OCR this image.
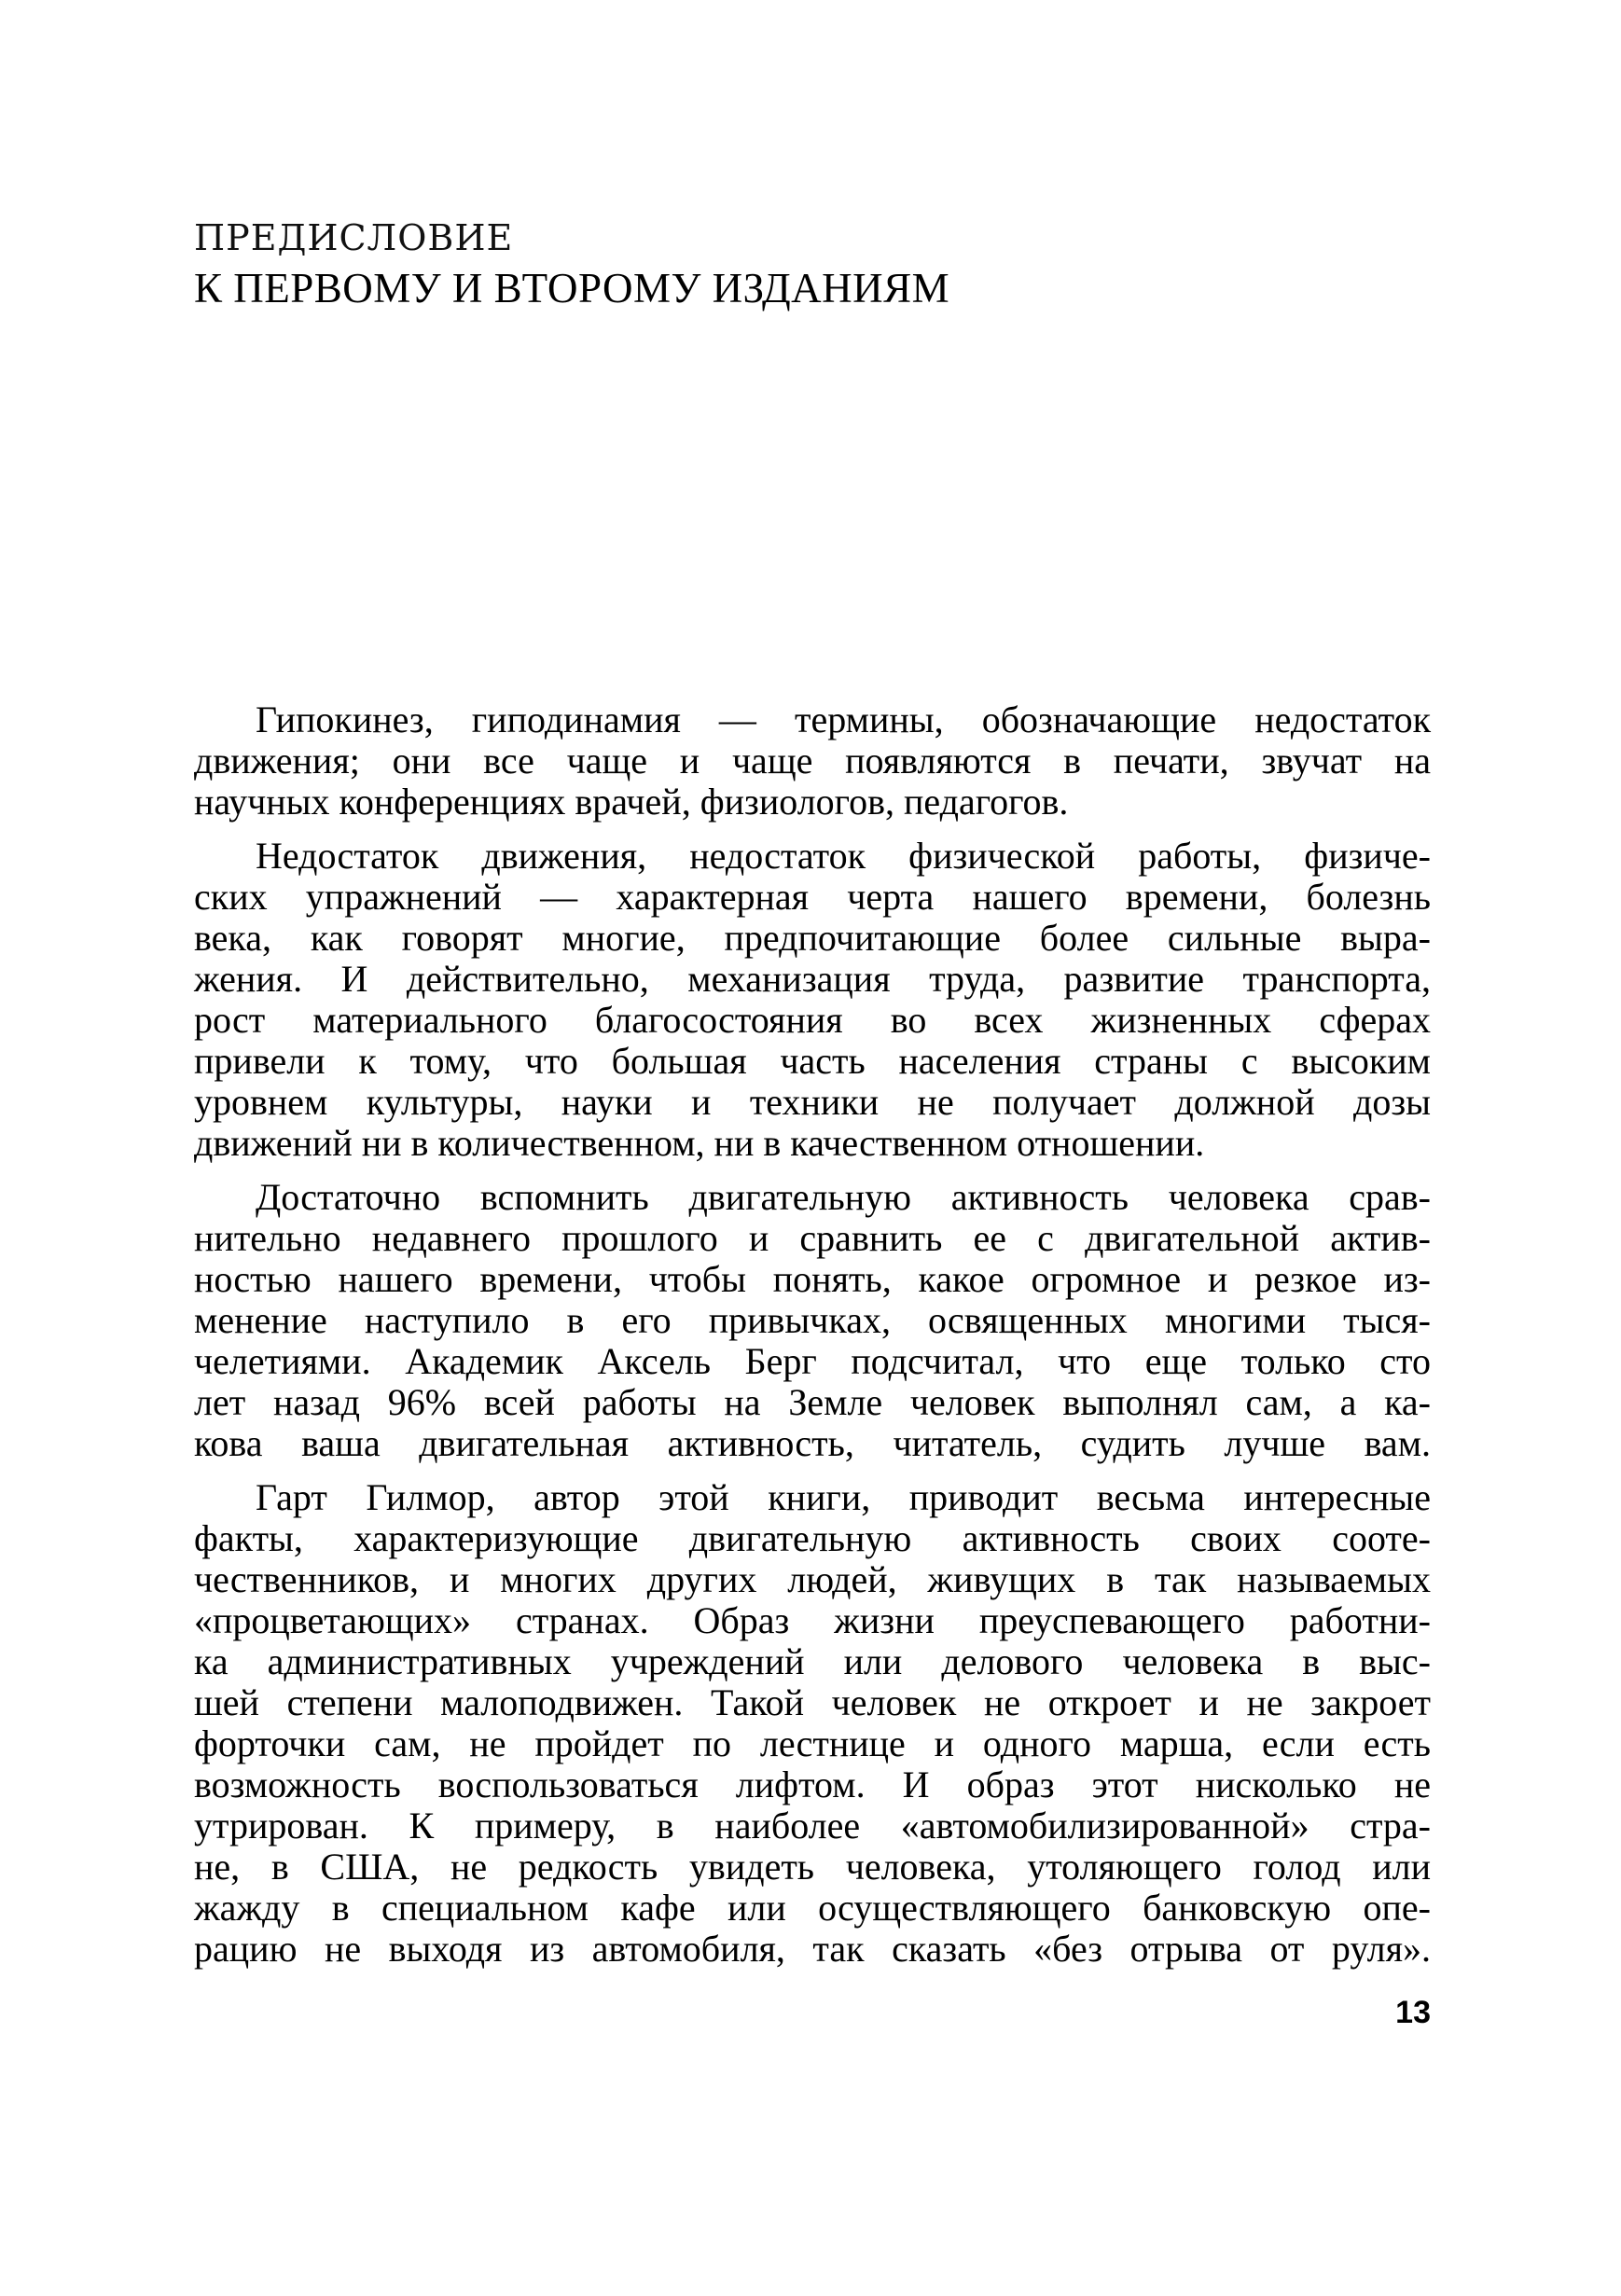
ПРЕДИСЛОВИЕ
К ПЕРВОМУ И ВТОРОМУ ИЗДАНИЯМ

Гипокинез, гиподинамия — термины, обозначающие недостаток
движения; они все чаще и чаще появляются в печати, звучат на
научных конференциях врачей, физиологов, педагогов.

Недостаток движения, недостаток физической работы, физиче-
ских упражнений — характерная черта нашего времени, болезнь
века, как говорят многие, предпочитающие более сильные выра-
жения. И действительно, механизация труда, развитие транспорта,
рост материального благосостояния во всех жизненных сферах
привели к тому, что большая часть населения страны с высоким
уровнем культуры, науки и техники не получает должной дозы
движений ни в количественном, ни в качественном отношении.

Достаточно вспомнить двигательную активность человека срав-
нительно недавнего прошлого и сравнить ее с двигательной актив-
ностью нашего времени, чтобы понять, какое огромное и резкое из-
менение наступило в его привычках, освященных многими тыся-
челетиями. Академик Аксель Берг подсчитал, что еще только сто
лет назад 96% всей работы на Земле человек выполнял сам, а ка-
кова ваша двигательная активность, читатель, судить лучше вам.

Гарт Гилмор, автор этой книги, приводит весьма интересные
факты, характеризующие двигательную активность своих соотe-
чественников, и многих других людей, живущих в так называемых
«процветающих» странах. Образ жизни преуспевающего работни-
ка административных учреждений или делового человека в выс-
шей степени малоподвижен. Такой человек не откроет и не закроет
форточки сам, не пройдет по лестнице и одного марша, если есть
возможность воспользоваться лифтом. И образ этот нисколько не
утрирован. К примеру, в наиболее «автомобилизированной» стра-
не, в США, не редкость увидеть человека, утоляющего голод или
жажду в специальном кафе или осуществляющего банковскую опе-
рацию не выходя из автомобиля, так сказать «без отрыва от руля».

13
